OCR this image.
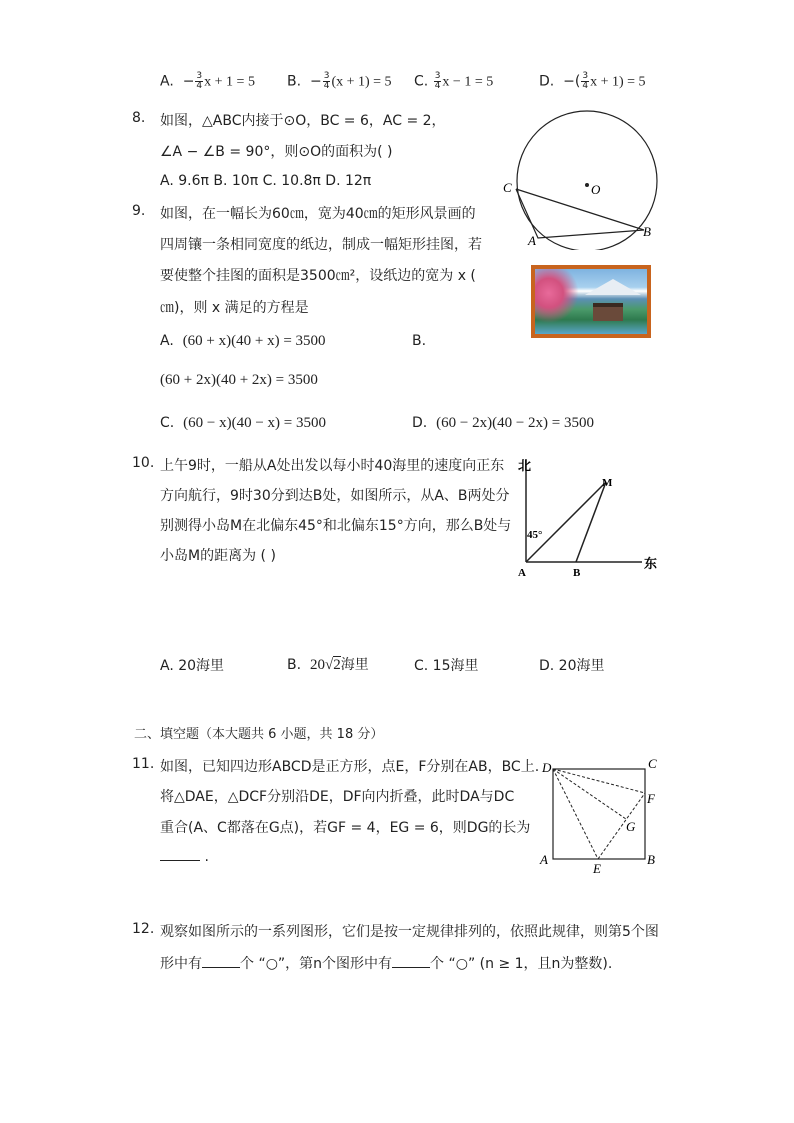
A. − $\frac{3}{4}$ x + 1 = 5 B. − $\frac{3}{4} (x + 1) = 5$ C. $\frac{3}{4}$ x − 1 = 5	D. −( $\frac{3}{4}$ x + 1) = 5
8. 如图，△ABC内接于⊙O，BC = 6，AC = 2，
∠A − ∠B = 90°，则⊙O的面积为( )
A. 9.6π B. 10π C. 10.8π D. 12π	C	O
A
B
9. 如图，在一幅长为60㎝，宽为40㎝的矩形风景画的
四周镶一条相同宽度的纸边，制成一幅矩形挂图，若
要使整个挂图的面积是3500㎝²，设纸边的宽为 x (
㎝)，则 x 满足的方程是
A. (60 + x)(40 + x) = 3500	B.
(60 + 2x)(40 + 2x) = 3500
C. (60 − x)(40 − x) = 3500	D. (60 − 2x)(40 − 2x) = 3500
10. 上午9时，一船从A处出发以每小时40海里的速度向正东
方向航行，9时30分到达B处，如图所示，从A、B两处分
别测得小岛M在北偏东45°和北偏东15°方向，那么B处与
小岛M的距离为 ( )
北
东
M
45°
A	B
A. 20海里	B. 20√2海里	C. 15海里	D. 20海里
二、填空题（本大题共 6 小题，共 18 分）
11. 如图，已知四边形ABCD是正方形，点E，F分别在AB，BC上.
将△DAE，△DCF分别沿DE，DF向内折叠，此时DA与DC
重合(A、C都落在G点)，若GF = 4，EG = 6，则DG的长为
.
D	C
F
G
A
E
B
12. 观察如图所示的一系列图形，它们是按一定规律排列的，依照此规律，则第5个图
形中有	个 “○”，第n个图形中有	个 “○” (n ≥ 1，且n为整数).
